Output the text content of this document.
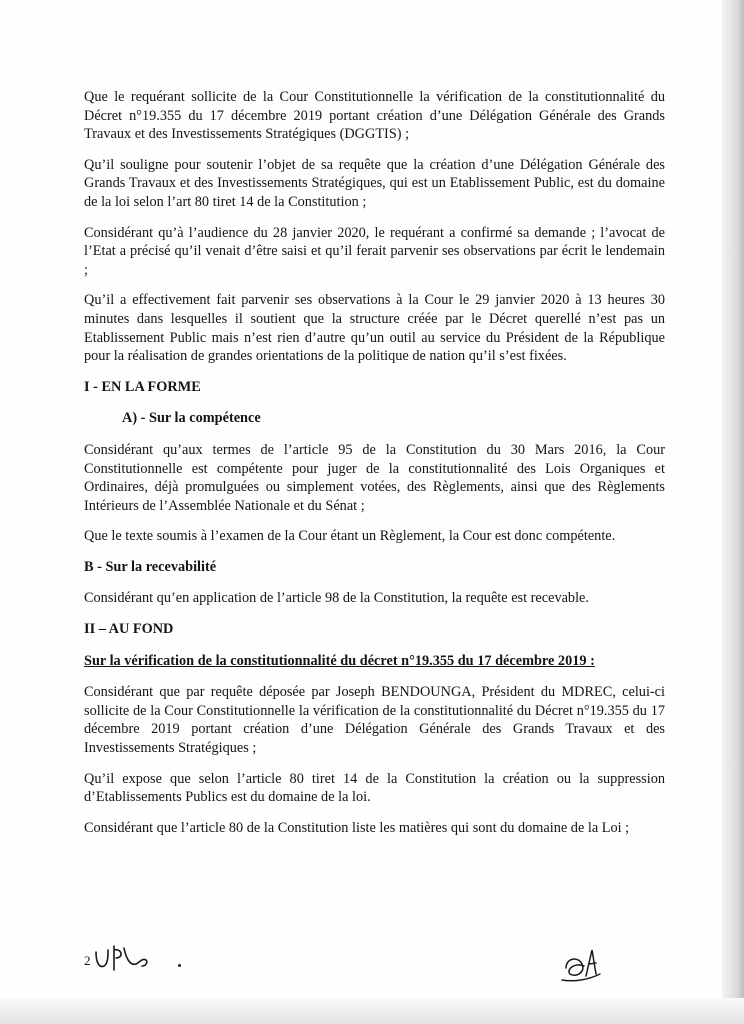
Que le requérant sollicite de la Cour Constitutionnelle la vérification de la constitutionnalité du Décret n°19.355 du 17 décembre 2019 portant création d’une Délégation Générale des Grands Travaux et des Investissements Stratégiques (DGGTIS) ;

Qu’il souligne pour soutenir l’objet de sa requête que la création d’une Délégation Générale des Grands Travaux et des Investissements Stratégiques, qui est un Etablissement Public, est du domaine de la loi selon l’art 80 tiret 14 de la Constitution ;

Considérant qu’à l’audience du 28 janvier 2020, le requérant a confirmé sa demande ; l’avocat de l’Etat a précisé qu’il venait d’être saisi et qu’il ferait parvenir ses observations par écrit le lendemain ;

Qu’il a effectivement fait parvenir ses observations à la Cour le 29 janvier 2020 à 13 heures 30 minutes dans lesquelles il soutient que la structure créée par le Décret querellé n’est pas un Etablissement Public mais n’est rien d’autre qu’un outil au service du Président de la République pour la réalisation de grandes orientations de la politique de nation qu’il s’est fixées.

I - EN LA FORME
A) - Sur la compétence

Considérant qu’aux termes de l’article 95 de la Constitution du 30 Mars 2016, la Cour Constitutionnelle est compétente pour juger de la constitutionnalité des Lois Organiques et Ordinaires, déjà promulguées ou simplement votées, des Règlements, ainsi que des Règlements Intérieurs de l’Assemblée Nationale et du Sénat ;

Que le texte soumis à l’examen de la Cour étant un Règlement, la Cour est donc compétente.

B - Sur la recevabilité

Considérant qu’en application de l’article 98 de la Constitution, la requête est recevable.

II – AU FOND
Sur la vérification de la constitutionnalité du décret n°19.355 du 17 décembre 2019 :

Considérant que par requête déposée par Joseph BENDOUNGA, Président du MDREC, celui-ci sollicite de la Cour Constitutionnelle la vérification de la constitutionnalité du Décret n°19.355 du 17 décembre 2019 portant création d’une Délégation Générale des Grands Travaux et des Investissements Stratégiques ;

Qu’il expose que selon l’article 80 tiret 14 de la Constitution la création ou la suppression d’Etablissements Publics est du domaine de la loi.

Considérant que l’article 80 de la Constitution liste les matières qui sont du domaine de la Loi ;

2
